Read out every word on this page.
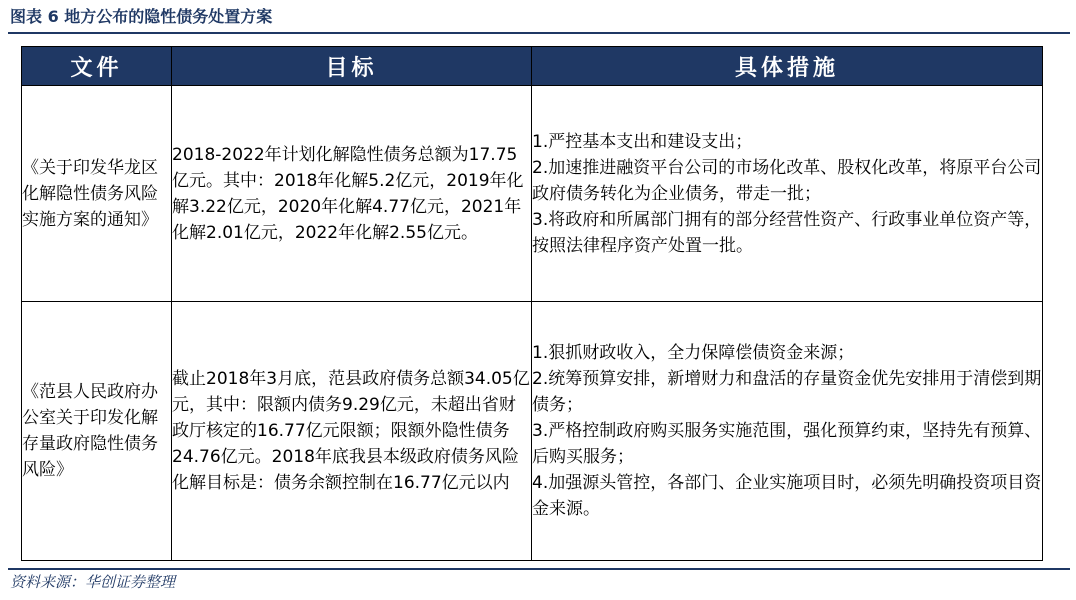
图表 6 地方公布的隐性债务处置方案
文件	目标	具体措施
《关于印发华龙区化解隐性债务风险实施方案的通知》	2018-2022年计划化解隐性债务总额为17.75亿元。其中：2018年化解5.2亿元，2019年化解3.22亿元，2020年化解4.77亿元，2021年化解2.01亿元，2022年化解2.55亿元。	1.严控基本支出和建设支出；
2.加速推进融资平台公司的市场化改革、股权化改革，将原平台公司政府债务转化为企业债务，带走一批；
3.将政府和所属部门拥有的部分经营性资产、行政事业单位资产等，按照法律程序资产处置一批。

《范县人民政府办公室关于印发化解存量政府隐性债务风险》	截止2018年3月底，范县政府债务总额34.05亿元，其中：限额内债务9.29亿元，未超出省财政厅核定的16.77亿元限额；限额外隐性债务24.76亿元。2018年底我县本级政府债务风险化解目标是：债务余额控制在16.77亿元以内	1.狠抓财政收入，全力保障偿债资金来源；
2.统筹预算安排，新增财力和盘活的存量资金优先安排用于清偿到期债务；
3.严格控制政府购买服务实施范围，强化预算约束，坚持先有预算、后购买服务；
4.加强源头管控，各部门、企业实施项目时，必须先明确投资项目资金来源。
资料来源：华创证券整理
